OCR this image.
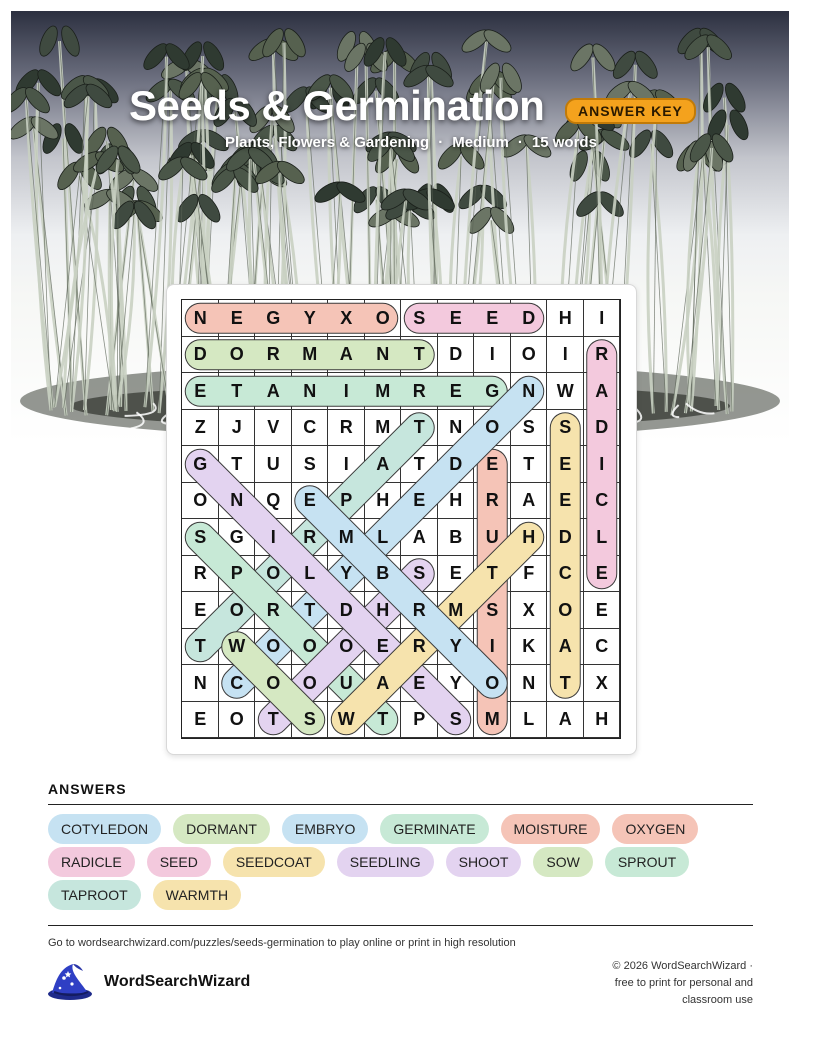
Seeds & Germination	ANSWER KEY
Plants, Flowers & Gardening · Medium · 15 words
N	E	G	Y	X	O	S	E	E	D	H	I
D	O	R	M	A	N	T	D	I	O	I	R
E	T	A	N	I	M	R	E	G	N	W	A
Z	J	V	C	R	M	T	N	O	S	S	D
G	T	U	S	I	A	T	D	E	T	E	I
O	N	Q	E	P	H	E	H	R	A	E	C
S	G	I	R	M	L	A	B	U	H	D	L
R	P	O	L	Y	B	S	E	T	F	C	E
E	O	R	T	D	H	R	M	S	X	O	E
T	W	O	O	O	E	R	Y	I	K	A	C
N	C	O	O	U	A	E	Y	O	N	T	X
E	O	T	S	W	T	P	S	M	L	A	H
ANSWERS
COTYLEDON	DORMANT	EMBRYO	GERMINATE	MOISTURE	OXYGEN
RADICLE	SEED	SEEDCOAT	SEEDLING	SHOOT	SOW	SPROUT
TAPROOT	WARMTH
Go to wordsearchwizard.com/puzzles/seeds-germination to play online or print in high resolution
WordSearchWizard
© 2026 WordSearchWizard ·
free to print for personal and
classroom use
